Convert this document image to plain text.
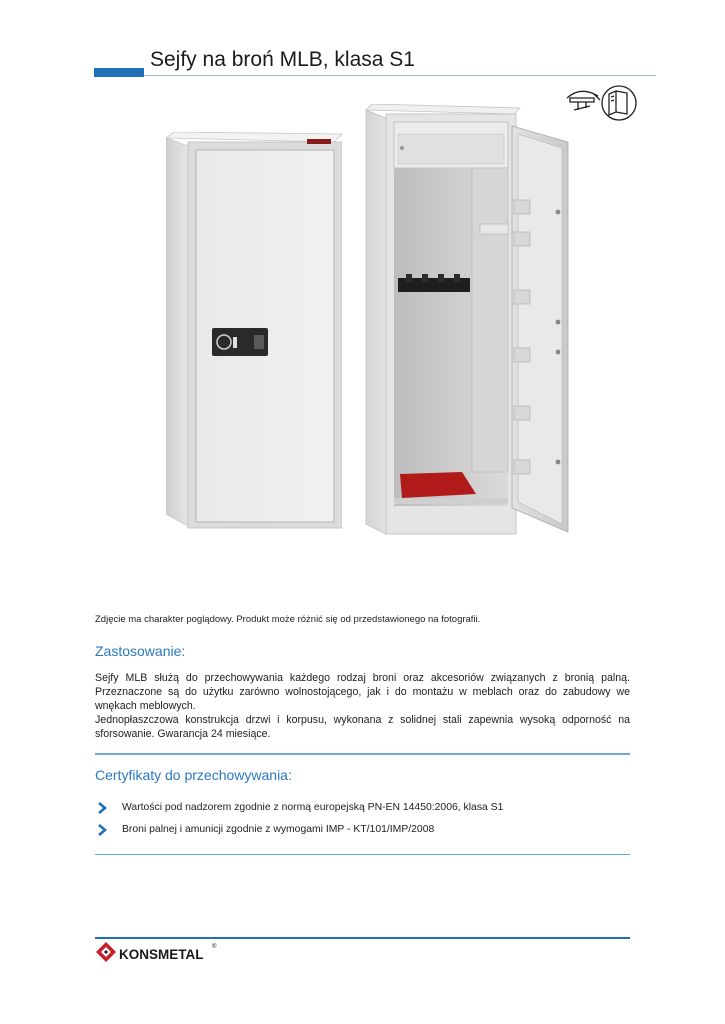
Sejfy na broń MLB, klasa S1
Zdjęcie ma charakter poglądowy. Produkt może różnić się od przedstawionego na fotografii.
Zastosowanie:

Sejfy MLB służą do przechowywania każdego rodzaj broni oraz akcesoriów związanych z bronią palną. Przeznaczone są do użytku zarówno wolnostojącego, jak i do montażu w meblach oraz do zabudowy we wnękach meblowych.

Jednopłaszczowa konstrukcja drzwi i korpusu, wykonana z solidnej stali zapewnia wysoką odporność na sforsowanie. Gwarancja 24 miesiące.

Certyfikaty do przechowywania:
Wartości pod nadzorem zgodnie z normą europejską PN-EN 14450:2006, klasa S1
Broni palnej i amunicji zgodnie z wymogami IMP - KT/101/IMP/2008
KONSMETAL ®
